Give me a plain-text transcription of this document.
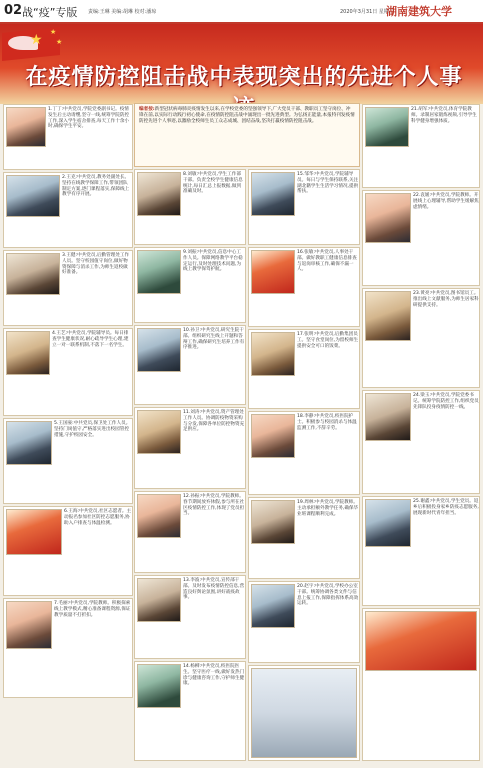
02 战“疫”专版 责编:王琳 美编:胡琳 校对:潘琼	2020年3月31日 星期二
湖南建筑大学
★ ★
★
在疫情防控阻击战中表现突出的先进个人事
编者按:新型冠状病毒肺炎疫情发生以来,在学校党委的坚强领导下,广大党员干部、教职员工坚守岗位、冲锋在前,以实际行动践行初心使命,在疫情防控阻击战中涌现出一批先进典型。为弘扬正能量,本报特刊发疫情防控先进个人事迹,以激励全校师生员工众志成城、团结奋战,坚决打赢疫情防控阻击战。
1.丁丁:中共党员,学院党委副书记。疫情发生后主动请缨,坚守一线,统筹学院防控工作,深入学生宿舍排查,每天工作十余小时,确保学生平安。
2.王克:中共党员,教务处副处长。坚持在线教学保障工作,带领团队制定方案,逐门课程落实,保障线上教学有序开展。
3.王健:中共党员,后勤管理处工作人员。坚守校园值守岗位,做好物资保障与消杀工作,为师生返校做好准备。
4.王艺:中共党员,学院辅导员。每日排查学生健康状况,耐心疏导学生心理,建立一对一联系机制,不落下一名学生。
5.王国豪:中共党员,保卫处工作人员。坚持门岗值守,严格落实进出校园管控措施,守护校园安全。
6.王海:中共党员,社区志愿者。主动报名参加社区防控志愿服务,协助入户排查与体温检测。
7.毛丽:中共党员,学院教师。积极探索线上教学模式,精心准备课程资源,保证教学质量不打折扣。
8.刘敏:中共党员,学生工作部干部。负责全校学生健康信息统计,每日汇总上报数据,做到准确及时。
9.刘振:中共党员,信息中心工作人员。保障网络教学平台稳定运行,及时处理技术问题,为线上教学保驾护航。
10.孙卫:中共党员,研究生院干部。组织研究生线上开题和答辩工作,确保研究生培养工作有序推进。
11.刘涛:中共党员,资产管理处工作人员。协调防疫物资采购与分发,保障各单位防控物资充足供应。
12.孙振:中共党员,学院教师。春节期间放弃休假,参与所在社区疫情防控工作,体现了党员担当。
13.李波:中共党员,宣传部干部。及时发布疫情防控信息,营造良好舆论氛围,讲好战疫故事。
14.杨柳:中共党员,校医院医生。坚守医疗一线,做好发热门诊与健康咨询工作,守护师生健康。
15.邹华:中共党员,学院辅导员。每日与学生保持联系,关注湖北籍学生生活学习情况,提供帮扶。
16.张敏:中共党员,人事处干部。做好教职工健康信息排查与返岗审核工作,确保不漏一人。
17.张明:中共党员,后勤集团员工。坚守食堂岗位,为留校师生提供安全可口的饭菜。
18.李静:中共党员,校医院护士。积极参与校园消杀与体温监测工作,不辞辛劳。
19.周林:中共党员,学院教师。主动承担额外教学任务,确保毕业班课程顺利完成。
20.赵宇:中共党员,学校办公室干部。统筹协调各类文件与信息上报工作,保障指挥体系高效运转。
21.胡军:中共党员,体育学院教师。录制居家锻炼视频,引导学生科学健身增强体质。
22.袁媛:中共党员,学院教师。开展线上心理辅导,帮助学生缓解焦虑情绪。
23.黄亮:中共党员,图书馆员工。推出线上文献服务,为师生居家科研提供支持。
24.梁玉:中共党员,学院党委书记。统筹学院防控工作,组织党员先锋队投身疫情防控一线。
25.谢鑫:中共党员,学生党员。返乡后积极投身家乡防疫志愿服务,展现新时代青年担当。
